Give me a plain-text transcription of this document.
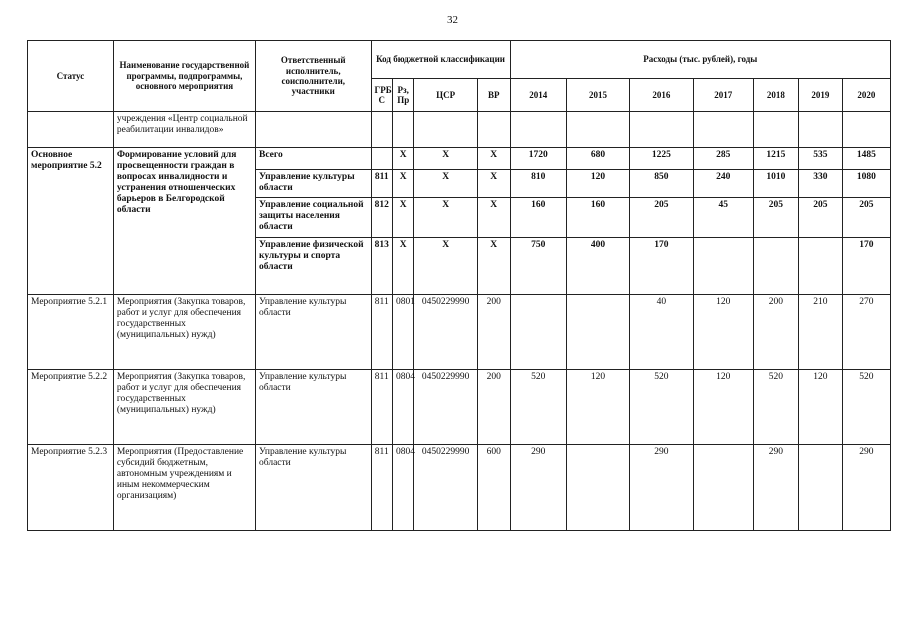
32
Статус	Наименование государственной программы, подпрограммы, основного мероприятия	Ответственный исполнитель, соисполнители, участники	Код бюджетной классификации				Расходы (тыс. рублей), годы						
			ГРБ С	Рз, Пр	ЦСР	ВР	2014	2015	2016	2017	2018	2019	2020
	учреждения «Центр социальной реабилитации инвалидов»												
Основное мероприятие 5.2	Формирование условий для просвещенности граждан в вопросах инвалидности и устранения отношенческих барьеров в Белгородской области	Всего		Х	Х	Х	1720	680	1225	285	1215	535	1485
		Управление культуры области	811	Х	Х	Х	810	120	850	240	1010	330	1080
		Управление социальной защиты населения области	812	Х	Х	Х	160	160	205	45	205	205	205
		Управление физической культуры и спорта области	813	Х	Х	Х	750	400	170				170
Мероприятие 5.2.1	Мероприятия (Закупка товаров, работ и услуг для обеспечения государственных (муниципальных) нужд)	Управление культуры области	811	0801	0450229990	200			40	120	200	210	270
Мероприятие 5.2.2	Мероприятия (Закупка товаров, работ и услуг для обеспечения государственных (муниципальных) нужд)	Управление культуры области	811	0804	0450229990	200	520	120	520	120	520	120	520
Мероприятие 5.2.3	Мероприятия (Предоставление субсидий бюджетным, автономным учреждениям и иным некоммерческим организациям)	Управление культуры области	811	0804	0450229990	600	290		290		290		290
